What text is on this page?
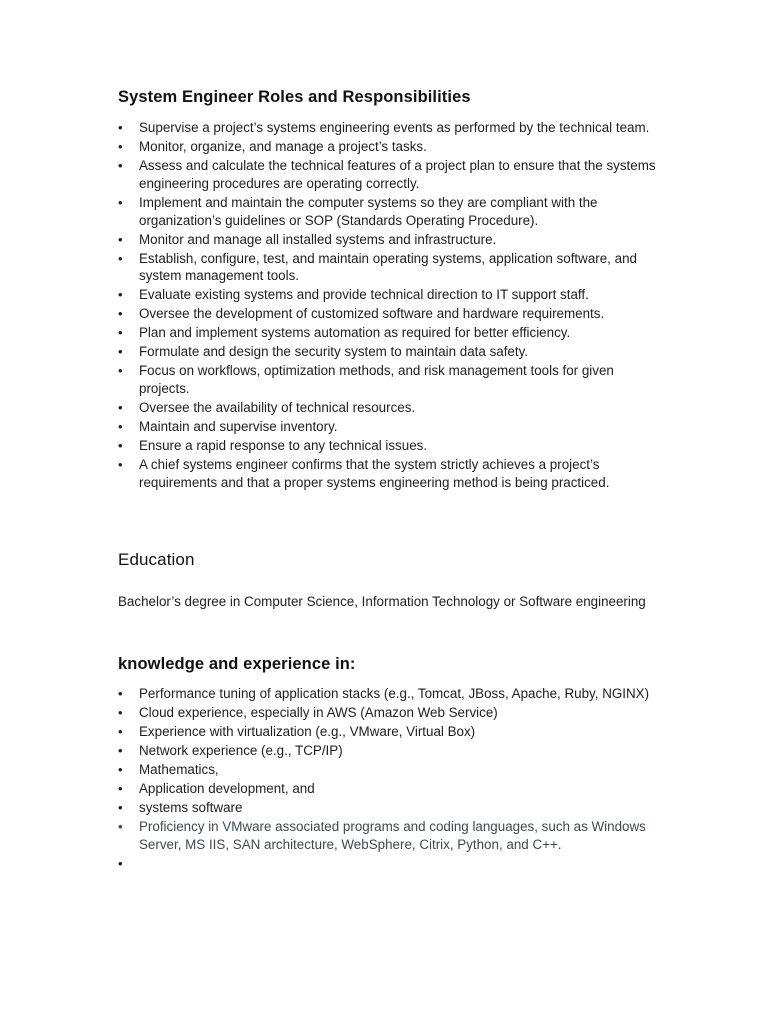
System Engineer Roles and Responsibilities
• Supervise a project’s systems engineering events as performed by the technical team.
• Monitor, organize, and manage a project’s tasks.
• Assess and calculate the technical features of a project plan to ensure that the systems engineering procedures are operating correctly.
• Implement and maintain the computer systems so they are compliant with the organization’s guidelines or SOP (Standards Operating Procedure).
• Monitor and manage all installed systems and infrastructure.
• Establish, configure, test, and maintain operating systems, application software, and system management tools.
• Evaluate existing systems and provide technical direction to IT support staff.
• Oversee the development of customized software and hardware requirements.
• Plan and implement systems automation as required for better efficiency.
• Formulate and design the security system to maintain data safety.
• Focus on workflows, optimization methods, and risk management tools for given projects.
• Oversee the availability of technical resources.
• Maintain and supervise inventory.
• Ensure a rapid response to any technical issues.
• A chief systems engineer confirms that the system strictly achieves a project’s requirements and that a proper systems engineering method is being practiced.
Education

Bachelor’s degree in Computer Science, Information Technology or Software engineering

knowledge and experience in:
• Performance tuning of application stacks (e.g., Tomcat, JBoss, Apache, Ruby, NGINX)
• Cloud experience, especially in AWS (Amazon Web Service)
• Experience with virtualization (e.g., VMware, Virtual Box)
• Network experience (e.g., TCP/IP)
• Mathematics,
• Application development, and
• systems software
• Proficiency in VMware associated programs and coding languages, such as Windows Server, MS IIS, SAN architecture, WebSphere, Citrix, Python, and C++.
•
